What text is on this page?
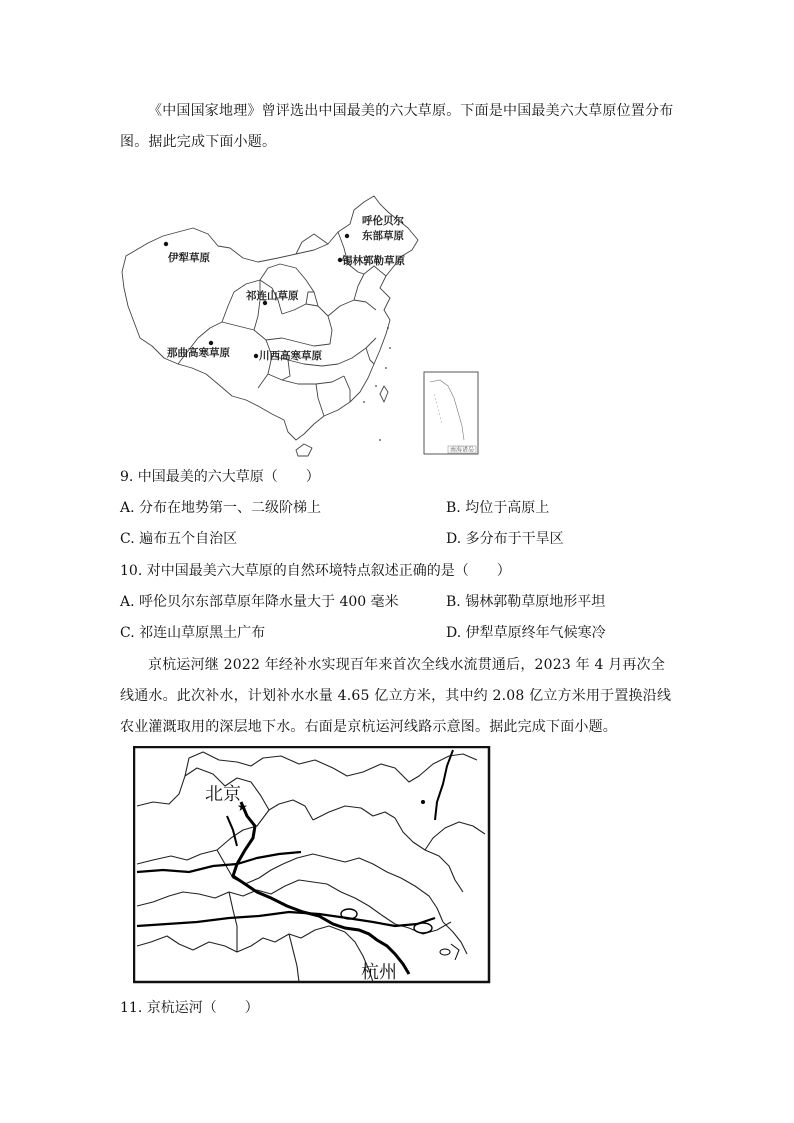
《中国国家地理》曾评选出中国最美的六大草原。下面是中国最美六大草原位置分布图。据此完成下面小题。
呼伦贝尔
东部草原
锡林郭勒草原
伊犁草原
祁连山草原
那曲高寒草原	川西高寒草原
南海诸岛
9. 中国最美的六大草原（　　）
A. 分布在地势第一、二级阶梯上	B. 均位于高原上
C. 遍布五个自治区	D. 多分布于干旱区
10. 对中国最美六大草原的自然环境特点叙述正确的是（　　）
A. 呼伦贝尔东部草原年降水量大于 400 毫米	B. 锡林郭勒草原地形平坦
C. 祁连山草原黑土广布	D. 伊犁草原终年气候寒冷
京杭运河继 2022 年经补水实现百年来首次全线水流贯通后，2023 年 4 月再次全线通水。此次补水，计划补水水量 4.65 亿立方米，其中约 2.08 亿立方米用于置换沿线农业灌溉取用的深层地下水。右面是京杭运河线路示意图。据此完成下面小题。
北京
★
杭州
11. 京杭运河（　　）
